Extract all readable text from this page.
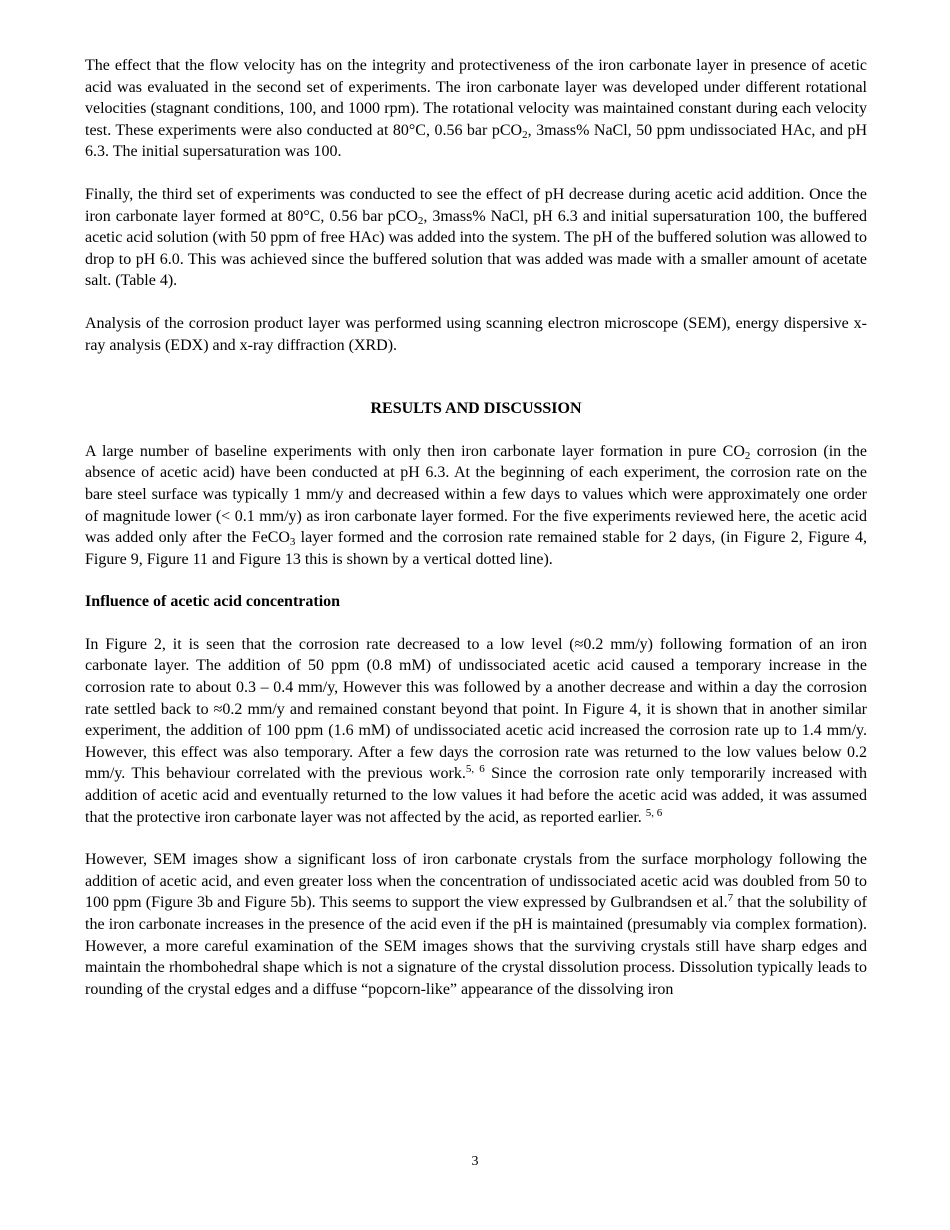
The effect that the flow velocity has on the integrity and protectiveness of the iron carbonate layer in presence of acetic acid was evaluated in the second set of experiments. The iron carbonate layer was developed under different rotational velocities (stagnant conditions, 100, and 1000 rpm). The rotational velocity was maintained constant during each velocity test. These experiments were also conducted at 80°C, 0.56 bar pCO$_2$, 3mass% NaCl, 50 ppm undissociated HAc, and pH 6.3. The initial supersaturation was 100.

Finally, the third set of experiments was conducted to see the effect of pH decrease during acetic acid addition. Once the iron carbonate layer formed at 80°C, 0.56 bar pCO$_2$, 3mass% NaCl, pH 6.3 and initial supersaturation 100, the buffered acetic acid solution (with 50 ppm of free HAc) was added into the system. The pH of the buffered solution was allowed to drop to pH 6.0. This was achieved since the buffered solution that was added was made with a smaller amount of acetate salt. (Table 4).

Analysis of the corrosion product layer was performed using scanning electron microscope (SEM), energy dispersive x-ray analysis (EDX) and x-ray diffraction (XRD).

RESULTS AND DISCUSSION

A large number of baseline experiments with only then iron carbonate layer formation in pure $CO_2$ corrosion (in the absence of acetic acid) have been conducted at pH 6.3. At the beginning of each experiment, the corrosion rate on the bare steel surface was typically 1 mm/y and decreased within a few days to values which were approximately one order of magnitude lower (< 0.1 mm/y) as iron carbonate layer formed. For the five experiments reviewed here, the acetic acid was added only after the FeCO$_3$ layer formed and the corrosion rate remained stable for 2 days, (in Figure 2, Figure 4, Figure 9, Figure 11 and Figure 13 this is shown by a vertical dotted line).

Influence of acetic acid concentration

In Figure 2, it is seen that the corrosion rate decreased to a low level (≈0.2 mm/y) following formation of an iron carbonate layer. The addition of 50 ppm (0.8 mM) of undissociated acetic acid caused a temporary increase in the corrosion rate to about 0.3 – 0.4 mm/y, However this was followed by a another decrease and within a day the corrosion rate settled back to ≈0.2 mm/y and remained constant beyond that point. In Figure 4, it is shown that in another similar experiment, the addition of 100 ppm (1.6 mM) of undissociated acetic acid increased the corrosion rate up to 1.4 mm/y. However, this effect was also temporary. After a few days the corrosion rate was returned to the low values below 0.2 mm/y. This behaviour correlated with the previous work.$^{5, 6}$ Since the corrosion rate only temporarily increased with addition of acetic acid and eventually returned to the low values it had before the acetic acid was added, it was assumed that the protective iron carbonate layer was not affected by the acid, as reported earlier. $^{5, 6}$

However, SEM images show a significant loss of iron carbonate crystals from the surface morphology following the addition of acetic acid, and even greater loss when the concentration of undissociated acetic acid was doubled from 50 to 100 ppm (Figure 3b and Figure 5b). This seems to support the view expressed by Gulbrandsen et al.$^7$ that the solubility of the iron carbonate increases in the presence of the acid even if the pH is maintained (presumably via complex formation). However, a more careful examination of the SEM images shows that the surviving crystals still have sharp edges and maintain the rhombohedral shape which is not a signature of the crystal dissolution process. Dissolution typically leads to rounding of the crystal edges and a diffuse “popcorn-like” appearance of the dissolving iron

3
